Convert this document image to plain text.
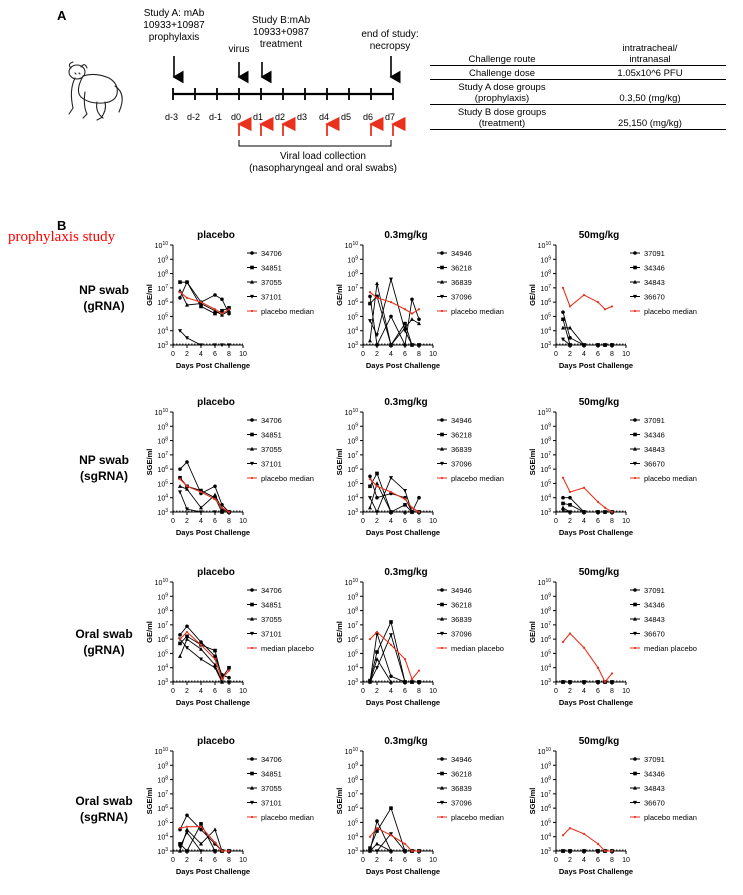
A	Study A: mAb
10933+10987
prophylaxis
virus
Study B:mAb
10933+0987
treatment
end of study:
necropsy
d-3 d-2 d-1 d0 d1 d2 d3 d4 d5 d6 d7
Viral load collection
(nasopharyngeal and oral swabs)
Challenge route	intratracheal/
intranasal
Challenge dose	1.05x10^6 PFU
Study A dose groups
(prophylaxis)	0.3,50 (mg/kg)
Study B dose groups
(treatment)	25,150 (mg/kg)
B
prophylaxis study
NP swab
(gRNA)
NP swab
(sgRNA)
Oral swab
(gRNA)
Oral swab
(sgRNA)
placebo
$10^3$
$10^4$
$10^5$
$10^6$
$10^7$
$10^8$
$10^9$
$10^{10}$
0 2 4 6 8 10
GE/ml
Days Post Challenge
34706
34851
37055
37101
placebo median
0.3mg/kg
$10^3$
$10^4$
$10^5$
$10^6$
$10^7$
$10^8$
$10^9$
$10^{10}$
0 2 4 6 8 10
GE/ml
Days Post Challenge
34946
36218
36839
37096
placebo median
50mg/kg
$10^3$
$10^4$
$10^5$
$10^6$
$10^7$
$10^8$
$10^9$
$10^{10}$
0 2 4 6 8 10
GE/ml
Days Post Challenge
37091
34346
34843
36670
placebo median
placebo
$10^3$
$10^4$
$10^5$
$10^6$
$10^7$
$10^8$
$10^9$
$10^{10}$
0 2 4 6 8 10
SGE/ml
Days Post Challenge
34706
34851
37055
37101
placebo median
0.3mg/kg
$10^3$
$10^4$
$10^5$
$10^6$
$10^7$
$10^8$
$10^9$
$10^{10}$
0 2 4 6 8 10
SGE/ml
Days Post Challenge
34946
36218
36839
37096
placebo median
50mg/kg
$10^3$
$10^4$
$10^5$
$10^6$
$10^7$
$10^8$
$10^9$
$10^{10}$
0 2 4 6 8 10
SGE/ml
Days Post Challenge
37091
34346
34843
36670
placebo median
placebo
$10^3$
$10^4$
$10^5$
$10^6$
$10^7$
$10^8$
$10^9$
$10^{10}$
0 2 4 6 8 10
GE/ml
Days Post Challenge
34706
34851
37055
37101
median placebo
0.3mg/kg
$10^3$
$10^4$
$10^5$
$10^6$
$10^7$
$10^8$
$10^9$
$10^{10}$
0 2 4 6 8 10
GE/ml
Days Post Challenge
34946
36218
36839
37096
median placebo
50mg/kg
$10^3$
$10^4$
$10^5$
$10^6$
$10^7$
$10^8$
$10^9$
$10^{10}$
0 2 4 6 8 10
GE/ml
Days Post Challenge
37091
34346
34843
36670
median placebo
placebo
$10^3$
$10^4$
$10^5$
$10^6$
$10^7$
$10^8$
$10^9$
$10^{10}$
0 2 4 6 8 10
SGE/ml
Days Post Challenge
34706
34851
37055
37101
placebo median
0.3mg/kg
$10^3$
$10^4$
$10^5$
$10^6$
$10^7$
$10^8$
$10^9$
$10^{10}$
0 2 4 6 8 10
SGE/ml
Days Post Challenge
34946
36218
36839
37096
placebo median
50mg/kg
$10^3$
$10^4$
$10^5$
$10^6$
$10^7$
$10^8$
$10^9$
$10^{10}$
0 2 4 6 8 10
SGE/ml
Days Post Challenge
37091
34346
34843
36670
placebo median
